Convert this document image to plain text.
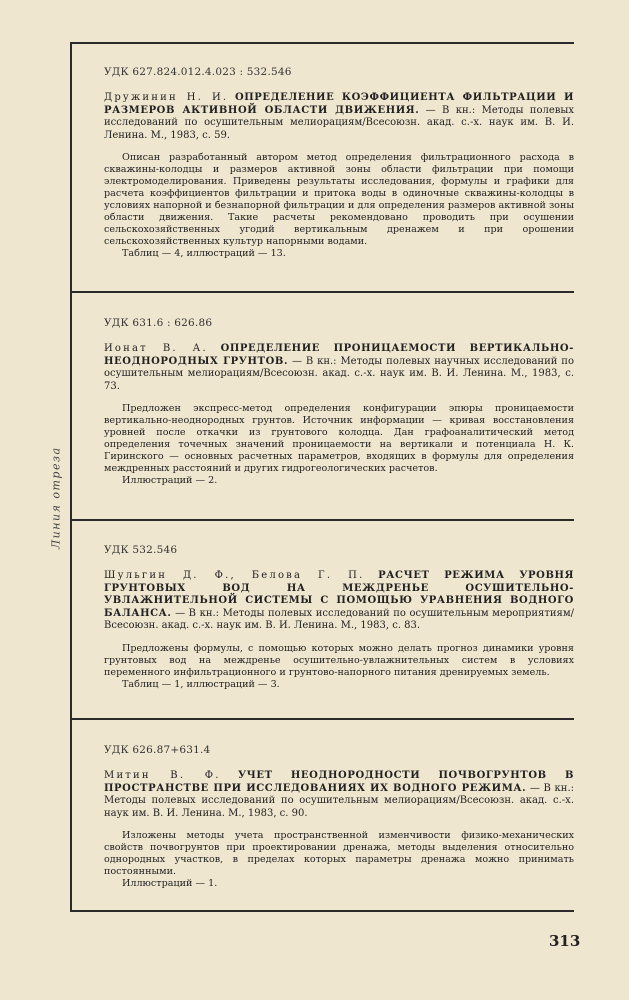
Линия отреза

УДК 627.824.012.4.023 : 532.546

Дружинин Н. И. ОПРЕДЕЛЕНИЕ КОЭФФИЦИЕНТА ФИЛЬТРАЦИИ И РАЗМЕРОВ АКТИВНОЙ ОБЛАСТИ ДВИЖЕНИЯ. — В кн.: Методы полевых исследований по осушительным мелиорациям/Всесоюзн. акад. с.-х. наук им. В. И. Ленина. М., 1983, с. 59.

Описан разработанный автором метод определения фильтрационного расхода в скважины-колодцы и размеров активной зоны области фильтрации при помощи электромоделирования. Приведены результаты исследования, формулы и графики для расчета коэффициентов фильтрации и притока воды в одиночные скважины-колодцы в условиях напорной и безнапорной фильтрации и для определения размеров активной зоны области движения. Такие расчеты рекомендовано проводить при осушении сельскохозяйственных угодий вертикальным дренажем и при орошении сельскохозяйственных культур напорными водами.

Таблиц — 4, иллюстраций — 13.

УДК 631.6 : 626.86

Ионат В. А. ОПРЕДЕЛЕНИЕ ПРОНИЦАЕМОСТИ ВЕРТИКАЛЬНО-НЕОДНОРОДНЫХ ГРУНТОВ. — В кн.: Методы полевых научных исследований по осушительным мелиорациям/Всесоюзн. акад. с.-х. наук им. В. И. Ленина. М., 1983, с. 73.

Предложен экспресс-метод определения конфигурации эпюры проницаемости вертикально-неоднородных грунтов. Источник информации — кривая восстановления уровней после откачки из грунтового колодца. Дан графоаналитический метод определения точечных значений проницаемости на вертикали и потенциала Н. К. Гиринского — основных расчетных параметров, входящих в формулы для определения междренных расстояний и других гидрогеологических расчетов.

Иллюстраций — 2.

УДК 532.546

Шульгин Д. Ф., Белова Г. П. РАСЧЕТ РЕЖИМА УРОВНЯ ГРУНТОВЫХ ВОД НА МЕЖДРЕНЬЕ ОСУШИТЕЛЬНО-УВЛАЖНИТЕЛЬНОЙ СИСТЕМЫ С ПОМОЩЬЮ УРАВНЕНИЯ ВОДНОГО БАЛАНСА. — В кн.: Методы полевых исследований по осушительным мероприятиям/Всесоюзн. акад. с.-х. наук им. В. И. Ленина. М., 1983, с. 83.

Предложены формулы, с помощью которых можно делать прогноз динамики уровня грунтовых вод на междренье осушительно-увлажнительных систем в условиях переменного инфильтрационного и грунтово-напорного питания дренируемых земель.

Таблиц — 1, иллюстраций — 3.

УДК 626.87+631.4

Митин В. Ф. УЧЕТ НЕОДНОРОДНОСТИ ПОЧВОГРУНТОВ В ПРОСТРАНСТВЕ ПРИ ИССЛЕДОВАНИЯХ ИХ ВОДНОГО РЕЖИМА. — В кн.: Методы полевых исследований по осушительным мелиорациям/Всесоюзн. акад. с.-х. наук им. В. И. Ленина. М., 1983, с. 90.

Изложены методы учета пространственной изменчивости физико-механических свойств почвогрунтов при проектировании дренажа, методы выделения относительно однородных участков, в пределах которых параметры дренажа можно принимать постоянными.

Иллюстраций — 1.

313
